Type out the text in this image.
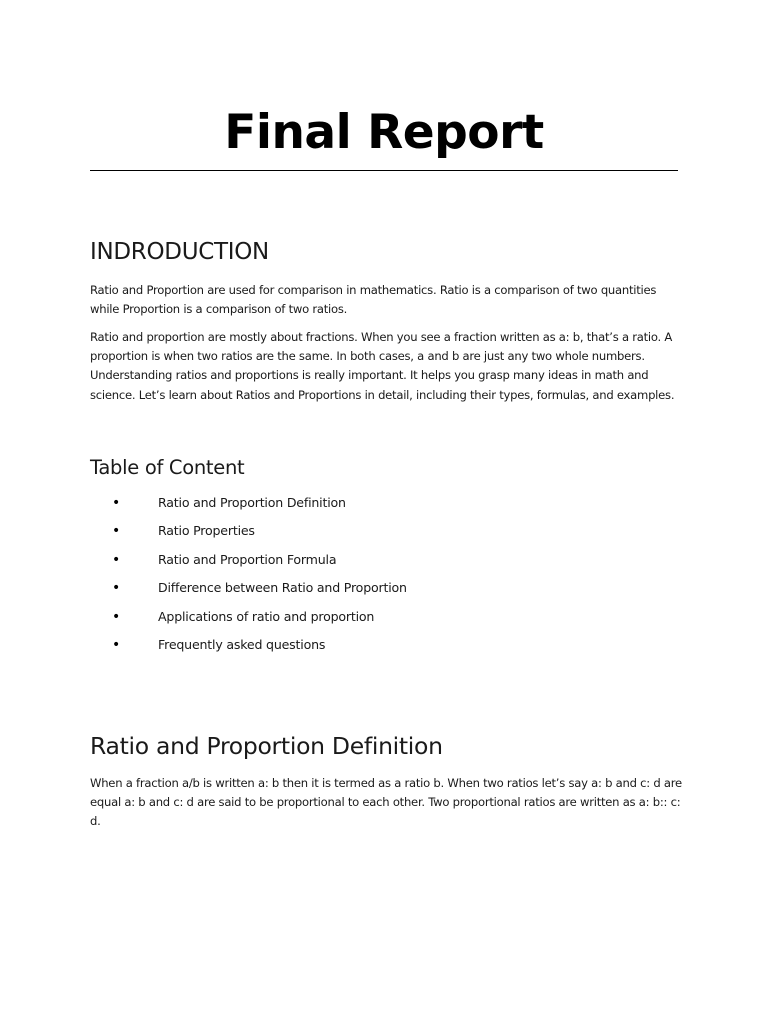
Final Report
INDRODUCTION

Ratio and Proportion are used for comparison in mathematics. Ratio is a comparison of two quantities while Proportion is a comparison of two ratios.

Ratio and proportion are mostly about fractions. When you see a fraction written as a: b, that’s a ratio. A proportion is when two ratios are the same. In both cases, a and b are just any two whole numbers. Understanding ratios and proportions is really important. It helps you grasp many ideas in math and science. Let’s learn about Ratios and Proportions in detail, including their types, formulas, and examples.

Table of Content
•	Ratio and Proportion Definition
•	Ratio Properties
•	Ratio and Proportion Formula
•	Difference between Ratio and Proportion
•	Applications of ratio and proportion
•	Frequently asked questions
Ratio and Proportion Definition

When a fraction a/b is written a: b then it is termed as a ratio b. When two ratios let’s say a: b and c: d are equal a: b and c: d are said to be proportional to each other. Two proportional ratios are written as a: b:: c: d.
